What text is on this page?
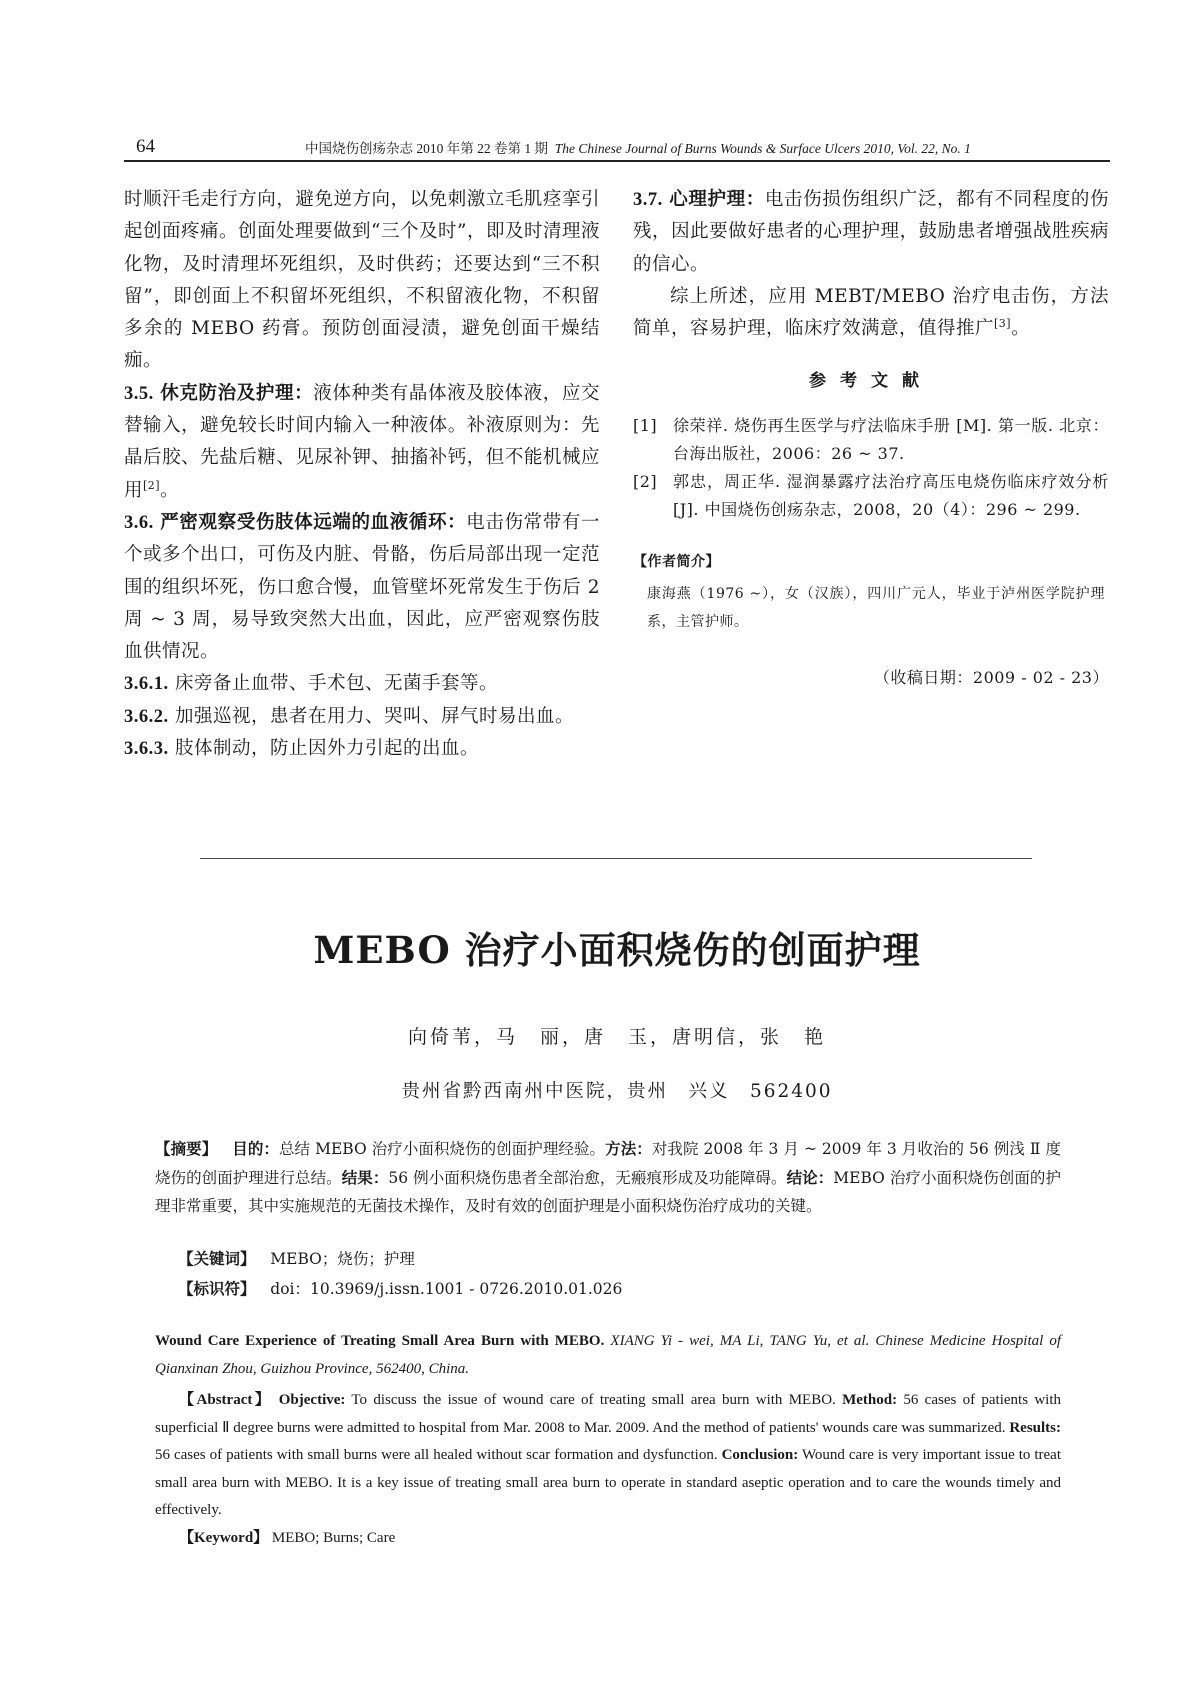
64	中国烧伤创疡杂志 2010 年第 22 卷第 1 期 The Chinese Journal of Burns Wounds & Surface Ulcers 2010, Vol. 22, No. 1

时顺汗毛走行方向，避免逆方向，以免刺激立毛肌痉挛引起创面疼痛。创面处理要做到“三个及时”，即及时清理液化物，及时清理坏死组织，及时供药；还要达到“三不积留”，即创面上不积留坏死组织，不积留液化物，不积留多余的 MEBO 药膏。预防创面浸渍，避免创面干燥结痂。

3.5. 休克防治及护理：液体种类有晶体液及胶体液，应交替输入，避免较长时间内输入一种液体。补液原则为：先晶后胶、先盐后糖、见尿补钾、抽搐补钙，但不能机械应用[2]。

3.6. 严密观察受伤肢体远端的血液循环：电击伤常带有一个或多个出口，可伤及内脏、骨骼，伤后局部出现一定范围的组织坏死，伤口愈合慢，血管壁坏死常发生于伤后 2 周 ~ 3 周，易导致突然大出血，因此，应严密观察伤肢血供情况。

3.6.1. 床旁备止血带、手术包、无菌手套等。

3.6.2. 加强巡视，患者在用力、哭叫、屏气时易出血。

3.6.3. 肢体制动，防止因外力引起的出血。

3.7. 心理护理：电击伤损伤组织广泛，都有不同程度的伤残，因此要做好患者的心理护理，鼓励患者增强战胜疾病的信心。

综上所述，应用 MEBT/MEBO 治疗电击伤，方法简单，容易护理，临床疗效满意，值得推广[3]。

参考文献
[1] 徐荣祥. 烧伤再生医学与疗法临床手册 [M]. 第一版. 北京：台海出版社，2006：26 ~ 37.
[2] 郭忠，周正华. 湿润暴露疗法治疗高压电烧伤临床疗效分析 [J]. 中国烧伤创疡杂志，2008，20（4）：296 ~ 299.
【作者简介】
康海燕（1976 ~），女（汉族），四川广元人，毕业于泸州医学院护理系，主管护师。
（收稿日期：2009 - 02 - 23）
MEBO 治疗小面积烧伤的创面护理
向倚苇，马　丽，唐　玉，唐明信，张　艳
贵州省黔西南州中医院，贵州　兴义　562400
【摘要】 目的：总结 MEBO 治疗小面积烧伤的创面护理经验。方法：对我院 2008 年 3 月 ~ 2009 年 3 月收治的 56 例浅 Ⅱ 度烧伤的创面护理进行总结。结果：56 例小面积烧伤患者全部治愈，无瘢痕形成及功能障碍。结论：MEBO 治疗小面积烧伤创面的护理非常重要，其中实施规范的无菌技术操作，及时有效的创面护理是小面积烧伤治疗成功的关键。
【关键词】 MEBO；烧伤；护理
【标识符】 doi：10.3969/j.issn.1001 - 0726.2010.01.026

Wound Care Experience of Treating Small Area Burn with MEBO. XIANG Yi - wei, MA Li, TANG Yu, et al. Chinese Medicine Hospital of Qianxinan Zhou, Guizhou Province, 562400, China.

【Abstract】 Objective: To discuss the issue of wound care of treating small area burn with MEBO. Method: 56 cases of patients with superficial Ⅱ degree burns were admitted to hospital from Mar. 2008 to Mar. 2009. And the method of patients' wounds care was summarized. Results: 56 cases of patients with small burns were all healed without scar formation and dysfunction. Conclusion: Wound care is very important issue to treat small area burn with MEBO. It is a key issue of treating small area burn to operate in standard aseptic operation and to care the wounds timely and effectively.

【Keyword】 MEBO; Burns; Care
